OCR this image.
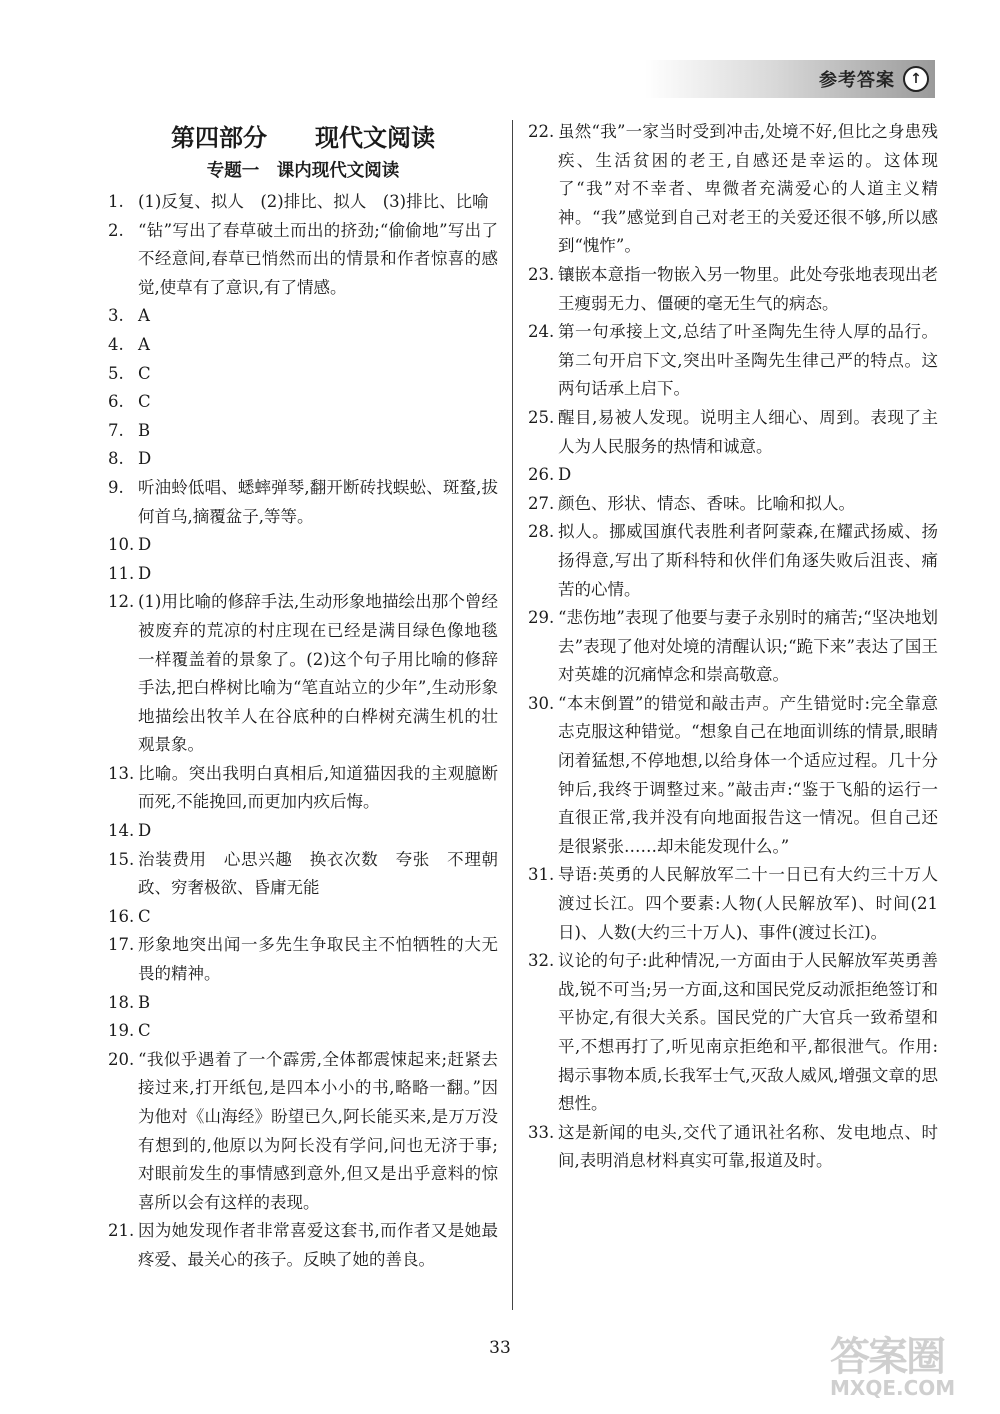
参考答案	↑
第四部分　　现代文阅读
专题一　课内现代文阅读
1. (1)反复、拟人　(2)排比、拟人　(3)排比、比喻
2. “钻”写出了春草破土而出的挤劲;“偷偷地”写出了不经意间,春草已悄然而出的情景和作者惊喜的感觉,使草有了意识,有了情感。
3. A
4. A
5. C
6. C
7. B
8. D
9. 听油蛉低唱、蟋蟀弹琴,翻开断砖找蜈蚣、斑蝥,拔何首乌,摘覆盆子,等等。
10. D
11. D
12. (1)用比喻的修辞手法,生动形象地描绘出那个曾经被废弃的荒凉的村庄现在已经是满目绿色像地毯一样覆盖着的景象了。(2)这个句子用比喻的修辞手法,把白桦树比喻为“笔直站立的少年”,生动形象地描绘出牧羊人在谷底种的白桦树充满生机的壮观景象。
13. 比喻。突出我明白真相后,知道猫因我的主观臆断而死,不能挽回,而更加内疚后悔。
14. D
15. 治装费用　心思兴趣　换衣次数　夸张　不理朝政、穷奢极欲、昏庸无能
16. C
17. 形象地突出闻一多先生争取民主不怕牺牲的大无畏的精神。
18. B
19. C
20. “我似乎遇着了一个霹雳,全体都震悚起来;赶紧去接过来,打开纸包,是四本小小的书,略略一翻。”因为他对《山海经》盼望已久,阿长能买来,是万万没有想到的,他原以为阿长没有学问,问也无济于事;对眼前发生的事情感到意外,但又是出乎意料的惊喜所以会有这样的表现。
21. 因为她发现作者非常喜爱这套书,而作者又是她最疼爱、最关心的孩子。反映了她的善良。
22. 虽然“我”一家当时受到冲击,处境不好,但比之身患残疾、生活贫困的老王,自感还是幸运的。这体现了“我”对不幸者、卑微者充满爱心的人道主义精神。“我”感觉到自己对老王的关爱还很不够,所以感到“愧怍”。
23. 镶嵌本意指一物嵌入另一物里。此处夸张地表现出老王瘦弱无力、僵硬的毫无生气的病态。
24. 第一句承接上文,总结了叶圣陶先生待人厚的品行。第二句开启下文,突出叶圣陶先生律己严的特点。这两句话承上启下。
25. 醒目,易被人发现。说明主人细心、周到。表现了主人为人民服务的热情和诚意。
26. D
27. 颜色、形状、情态、香味。比喻和拟人。
28. 拟人。挪威国旗代表胜利者阿蒙森,在耀武扬威、扬扬得意,写出了斯科特和伙伴们角逐失败后沮丧、痛苦的心情。
29. “悲伤地”表现了他要与妻子永别时的痛苦;“坚决地划去”表现了他对处境的清醒认识;“跪下来”表达了国王对英雄的沉痛悼念和崇高敬意。
30. “本末倒置”的错觉和敲击声。产生错觉时:完全靠意志克服这种错觉。“想象自己在地面训练的情景,眼睛闭着猛想,不停地想,以给身体一个适应过程。几十分钟后,我终于调整过来。”敲击声:“鉴于飞船的运行一直很正常,我并没有向地面报告这一情况。但自己还是很紧张……却未能发现什么。”
31. 导语:英勇的人民解放军二十一日已有大约三十万人渡过长江。四个要素:人物(人民解放军)、时间(21日)、人数(大约三十万人)、事件(渡过长江)。
32. 议论的句子:此种情况,一方面由于人民解放军英勇善战,锐不可当;另一方面,这和国民党反动派拒绝签订和平协定,有很大关系。国民党的广大官兵一致希望和平,不想再打了,听见南京拒绝和平,都很泄气。作用:揭示事物本质,长我军士气,灭敌人威风,增强文章的思想性。
33. 这是新闻的电头,交代了通讯社名称、发电地点、时间,表明消息材料真实可靠,报道及时。
33	答案圈
MXQE.COM
